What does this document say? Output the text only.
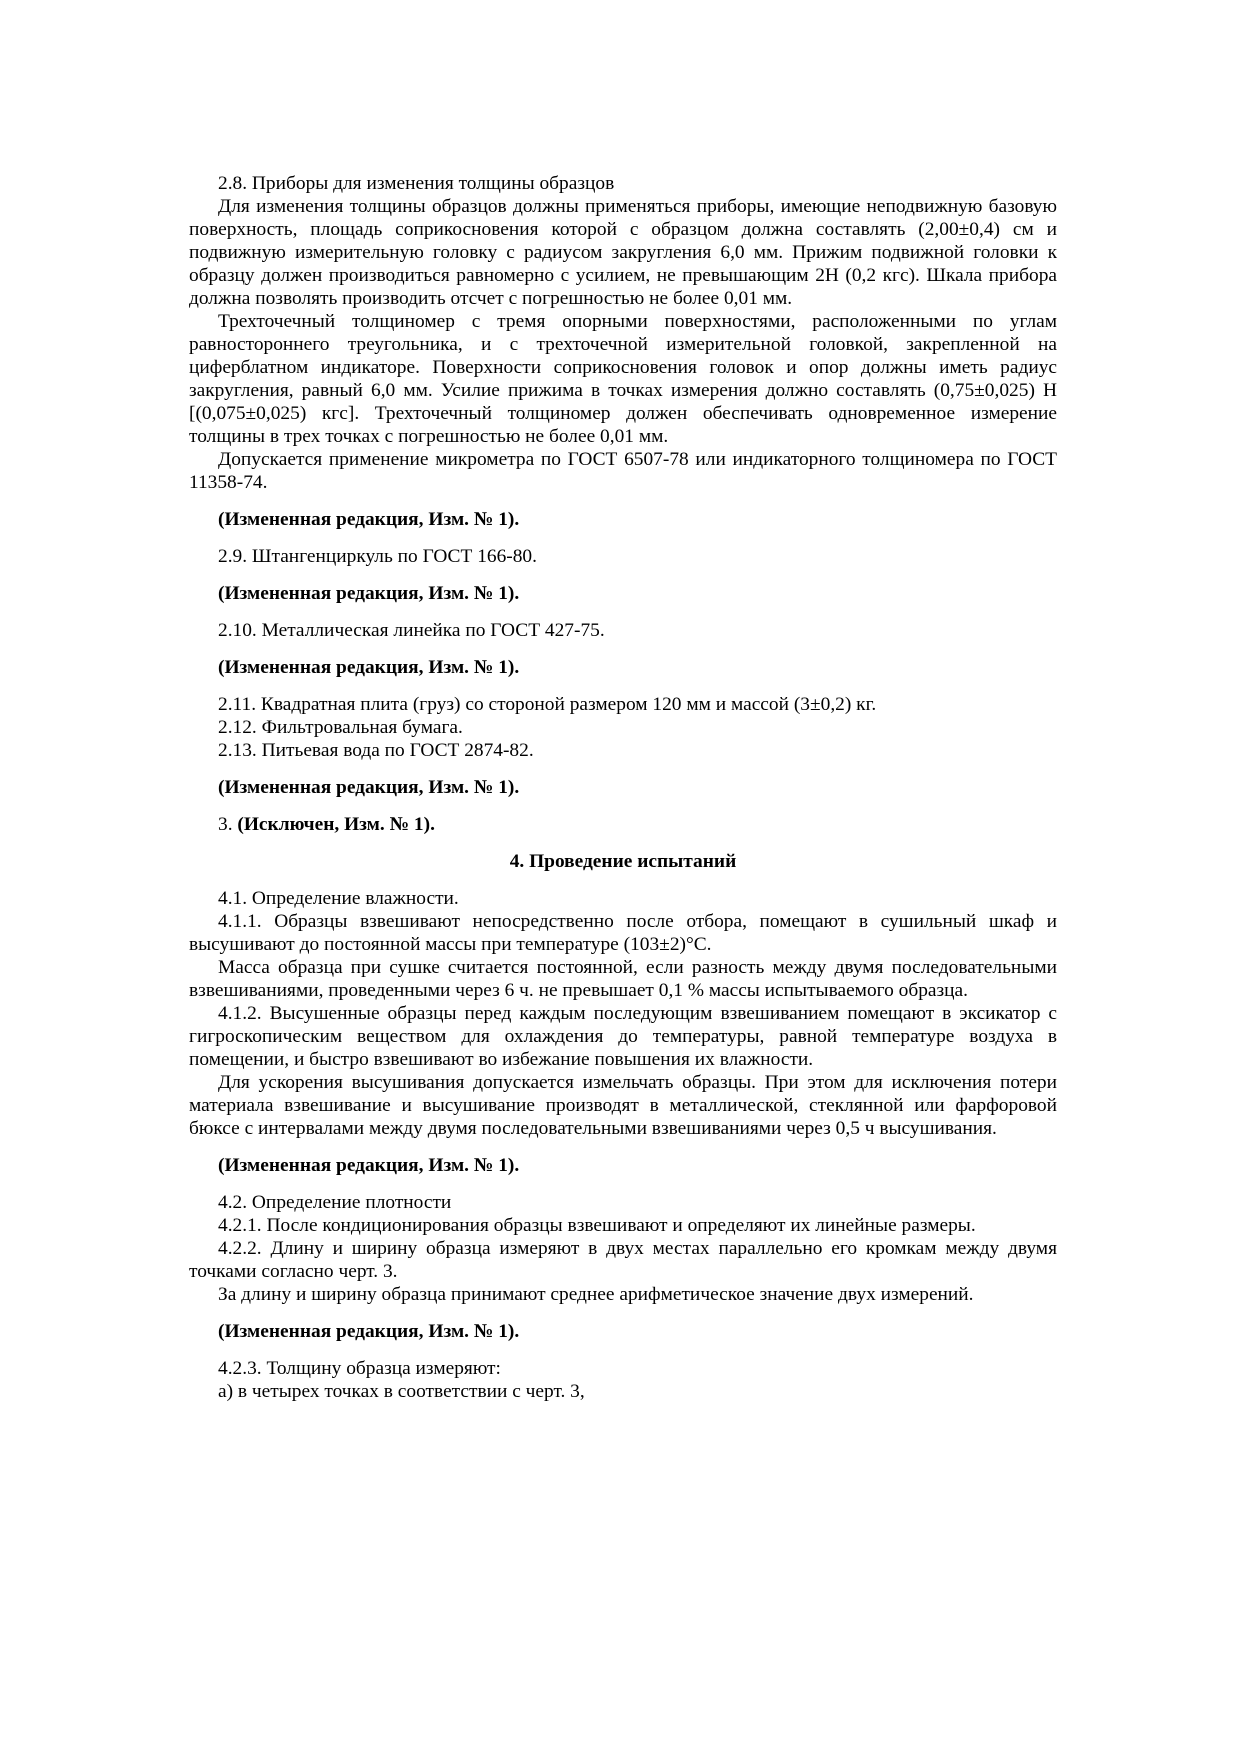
2.8. Приборы для изменения толщины образцов

Для изменения толщины образцов должны применяться приборы, имеющие неподвижную базовую поверхность, площадь соприкосновения которой с образцом должна составлять (2,00±0,4) см и подвижную измерительную головку с радиусом закругления 6,0 мм. Прижим подвижной головки к образцу должен производиться равномерно с усилием, не превышающим 2Н (0,2 кгс). Шкала прибора должна позволять производить отсчет с погрешностью не более 0,01 мм.

Трехточечный толщиномер с тремя опорными поверхностями, расположенными по углам равностороннего треугольника, и с трехточечной измерительной головкой, закрепленной на циферблатном индикаторе. Поверхности соприкосновения головок и опор должны иметь радиус закругления, равный 6,0 мм. Усилие прижима в точках измерения должно составлять (0,75±0,025) Н [(0,075±0,025) кгс]. Трехточечный толщиномер должен обеспечивать одновременное измерение толщины в трех точках с погрешностью не более 0,01 мм.

Допускается применение микрометра по ГОСТ 6507-78 или индикаторного толщиномера по ГОСТ 11358-74.

(Измененная редакция, Изм. № 1).

2.9. Штангенциркуль по ГОСТ 166-80.

(Измененная редакция, Изм. № 1).

2.10. Металлическая линейка по ГОСТ 427-75.

(Измененная редакция, Изм. № 1).

2.11. Квадратная плита (груз) со стороной размером 120 мм и массой (3±0,2) кг.

2.12. Фильтровальная бумага.

2.13. Питьевая вода по ГОСТ 2874-82.

(Измененная редакция, Изм. № 1).

3. (Исключен, Изм. № 1).

4. Проведение испытаний

4.1. Определение влажности.

4.1.1. Образцы взвешивают непосредственно после отбора, помещают в сушильный шкаф и высушивают до постоянной массы при температуре (103±2)°С.

Масса образца при сушке считается постоянной, если разность между двумя последовательными взвешиваниями, проведенными через 6 ч. не превышает 0,1 % массы испытываемого образца.

4.1.2. Высушенные образцы перед каждым последующим взвешиванием помещают в эксикатор с гигроскопическим веществом для охлаждения до температуры, равной температуре воздуха в помещении, и быстро взвешивают во избежание повышения их влажности.

Для ускорения высушивания допускается измельчать образцы. При этом для исключения потери материала взвешивание и высушивание производят в металлической, стеклянной или фарфоровой бюксе с интервалами между двумя последовательными взвешиваниями через 0,5 ч высушивания.

(Измененная редакция, Изм. № 1).

4.2. Определение плотности

4.2.1. После кондиционирования образцы взвешивают и определяют их линейные размеры.

4.2.2. Длину и ширину образца измеряют в двух местах параллельно его кромкам между двумя точками согласно черт. 3.

За длину и ширину образца принимают среднее арифметическое значение двух измерений.

(Измененная редакция, Изм. № 1).

4.2.3. Толщину образца измеряют:

а) в четырех точках в соответствии с черт. 3,
